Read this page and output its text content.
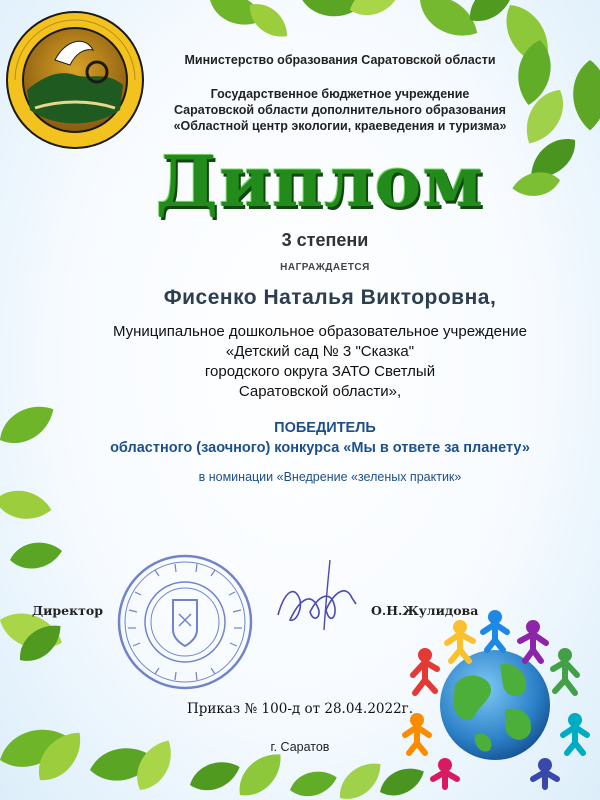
Министерство образования Саратовской области
Государственное бюджетное учреждение
Саратовской области дополнительного образования
«Областной центр экологии, краеведения и туризма»
Диплом
3 степени
НАГРАЖДАЕТСЯ
Фисенко Наталья Викторовна,
Муниципальное дошкольное образовательное учреждение
«Детский сад № 3 "Сказка"
городского округа ЗАТО Светлый
Саратовской области»,
ПОБЕДИТЕЛЬ
областного (заочного) конкурса «Мы в ответе за планету»
в номинации «Внедрение «зеленых практик»
Директор	О.Н.Жулидова
Приказ № 100-д от 28.04.2022г.
г. Саратов
